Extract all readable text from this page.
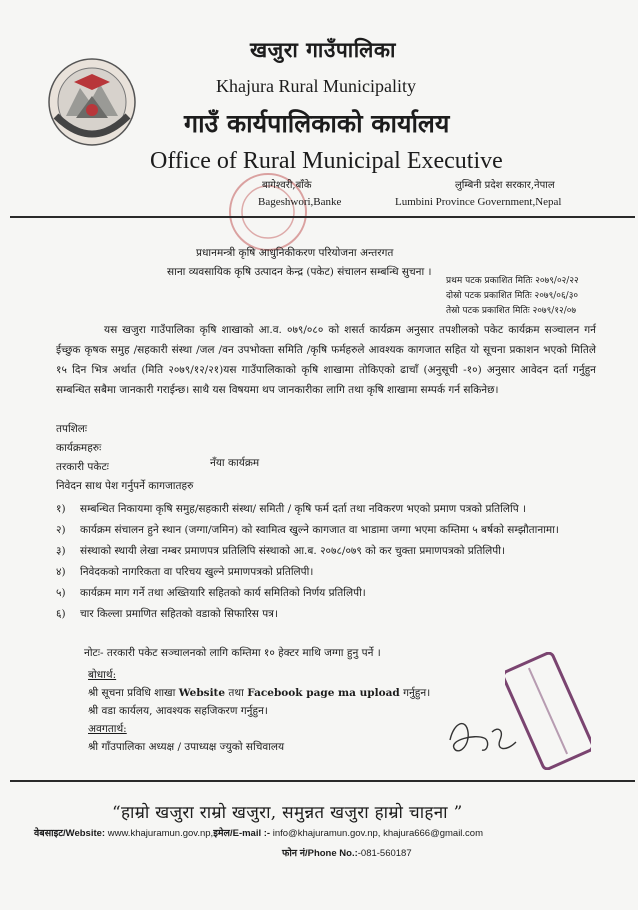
खजुरा गाउँपालिका
Khajura Rural Municipality
गाउँ कार्यपालिकाको कार्यालय
Office of Rural Municipal Executive
बागेश्वरी,बाँके
Bageshwori,Banke
लुम्बिनी प्रदेश सरकार,नेपाल
Lumbini Province Government,Nepal
प्रधानमन्त्री कृषि आधुनिकीकरण परियोजना अन्तरगत
साना व्यवसायिक कृषि उत्पादन केन्द्र (पकेट) संचालन सम्बन्धि सुचना ।
प्रथम पटक प्रकाशित मितिः २०७९/०२/२२
दोस्रो पटक प्रकाशित मितिः २०७९/०६/३०
तेस्रो पटक प्रकाशित मितिः २०७९/१२/०७
यस खजुरा गाउँपालिका कृषि शाखाको आ.व. ०७९/०८० को शसर्त कार्यक्रम अनुसार तपशीलको पकेट कार्यक्रम सञ्चालन गर्न ईच्छुक कृषक समुह /सहकारी संस्था /जल /वन उपभोक्ता समिति /कृषि फर्महरुले आवश्यक कागजात सहित यो सूचना प्रकाशन भएको मितिले १५ दिन भित्र अर्थात (मिति २०७९/१२/२१)यस गाउँपालिकाको कृषि शाखामा तोकिएको ढाचाँ (अनुसूची -१०) अनुसार आवेदन दर्ता गर्नुहुन सम्बन्धित सबैमा जानकारी गराईन्छ। साथै यस विषयमा थप जानकारीका लागि तथा कृषि शाखामा सम्पर्क गर्न सकिनेछ।
तपशिलः
कार्यक्रमहरुः
तरकारी पकेटः	नँया कार्यक्रम
निवेदन साथ पेश गर्नुपर्ने कागजातहरु
१) सम्बन्धित निकायमा कृषि समुह/सहकारी संस्था/ समिती / कृषि फर्म दर्ता तथा नविकरण भएको प्रमाण पत्रको प्रतिलिपि ।
२) कार्यक्रम संचालन हुने स्थान (जग्गा/जमिन) को स्वामित्व खुल्ने कागजात वा भाडामा जग्गा भएमा कम्तिमा ५ बर्षको सम्झौतानामा।
३) संस्थाको स्थायी लेखा नम्बर प्रमाणपत्र प्रतिलिपि संस्थाको आ.ब. २०७८/०७९ को कर चुक्ता प्रमाणपत्रको प्रतिलिपी।
४) निवेदकको नागरिकता वा परिचय खुल्ने प्रमाणपत्रको प्रतिलिपी।
५) कार्यक्रम माग गर्ने तथा अख्तियारि सहितको कार्य समितिको निर्णय प्रतिलिपी।
६) चार किल्ला प्रमाणित सहितको वडाको सिफारिस पत्र।
नोटः- तरकारी पकेट सञ्चालनको लागि कम्तिमा १० हेक्टर माथि जग्गा हुनु पर्ने ।
बोधार्थ:
श्री सूचना प्रविधि शाखा Website तथा Facebook page ma upload गर्नुहुन।
श्री वडा कार्यलय, आवश्यक सहजिकरण गर्नुहुन।
अवगतार्थ:
श्री गाँउपालिका अध्यक्ष / उपाध्यक्ष ज्युको सचिवालय
“हाम्रो खजुरा राम्रो खजुरा, समुन्नत खजुरा हाम्रो चाहना ”
वेबसाइट/Website: www.khajuramun.gov.np,इमेल/E-mail :- info@khajuramun.gov.np, khajura666@gmail.com
फोन नं/Phone No.:-081-560187
